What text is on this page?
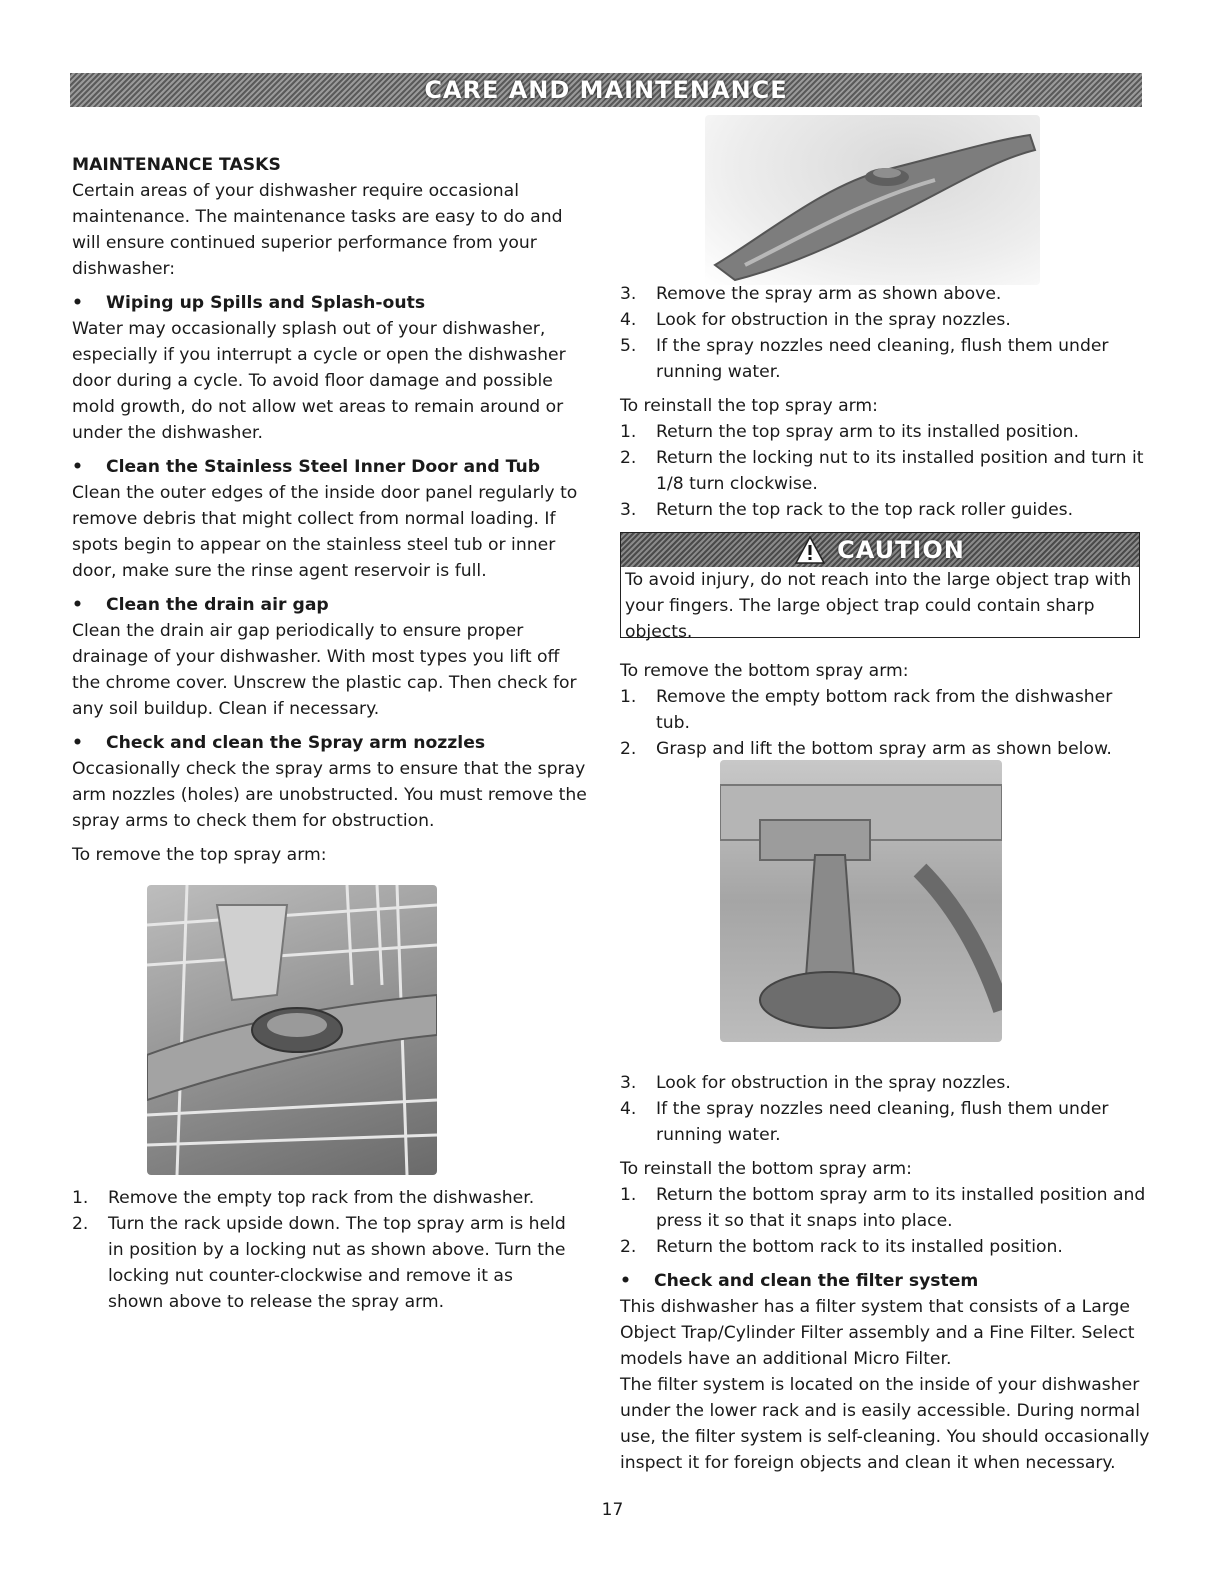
CARE AND MAINTENANCE

MAINTENANCE TASKS

Certain areas of your dishwasher require occasional maintenance. The maintenance tasks are easy to do and will ensure continued superior performance from your dishwasher:

• Wiping up Spills and Splash-outs

Water may occasionally splash out of your dishwasher, especially if you interrupt a cycle or open the dishwasher door during a cycle. To avoid floor damage and possible mold growth, do not allow wet areas to remain around or under the dishwasher.

• Clean the Stainless Steel Inner Door and Tub

Clean the outer edges of the inside door panel regularly to remove debris that might collect from normal loading. If spots begin to appear on the stainless steel tub or inner door, make sure the rinse agent reservoir is full.

• Clean the drain air gap

Clean the drain air gap periodically to ensure proper drainage of your dishwasher. With most types you lift off the chrome cover. Unscrew the plastic cap. Then check for any soil buildup. Clean if necessary.

• Check and clean the Spray arm nozzles

Occasionally check the spray arms to ensure that the spray arm nozzles (holes) are unobstructed. You must remove the spray arms to check them for obstruction.

To remove the top spray arm:

1. Remove the empty top rack from the dishwasher.
2. Turn the rack upside down. The top spray arm is held in position by a locking nut as shown above. Turn the locking nut counter-clockwise and remove it as shown above to release the spray arm.
3. Remove the spray arm as shown above.
4. Look for obstruction in the spray nozzles.
5. If the spray nozzles need cleaning, flush them under running water.

To reinstall the top spray arm:

1. Return the top spray arm to its installed position.
2. Return the locking nut to its installed position and turn it 1/8 turn clockwise.
3. Return the top rack to the top rack roller guides.
CAUTION
To avoid injury, do not reach into the large object trap with your fingers. The large object trap could contain sharp objects.

To remove the bottom spray arm:

1. Remove the empty bottom rack from the dishwasher tub.
2. Grasp and lift the bottom spray arm as shown below.
3. Look for obstruction in the spray nozzles.
4. If the spray nozzles need cleaning, flush them under running water.

To reinstall the bottom spray arm:

1. Return the bottom spray arm to its installed position and press it so that it snaps into place.
2. Return the bottom rack to its installed position.

• Check and clean the filter system

This dishwasher has a filter system that consists of a Large Object Trap/Cylinder Filter assembly and a Fine Filter. Select models have an additional Micro Filter.

The filter system is located on the inside of your dishwasher under the lower rack and is easily accessible. During normal use, the filter system is self-cleaning. You should occasionally inspect it for foreign objects and clean it when necessary.

17
